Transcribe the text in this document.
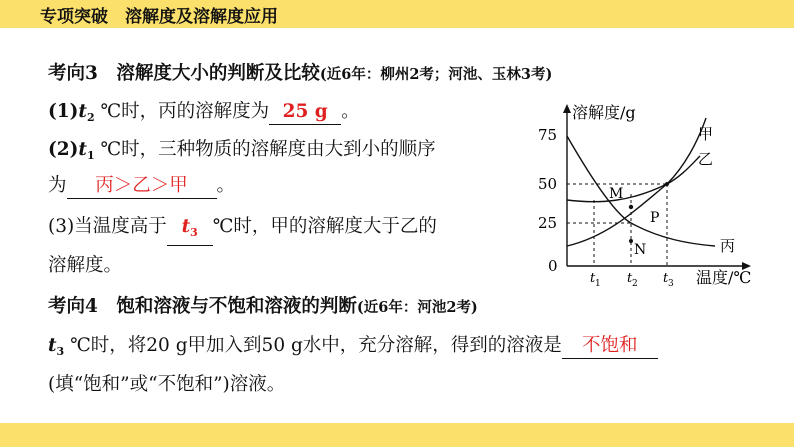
专项突破　溶解度及溶解度应用
考向3　溶解度大小的判断及比较(近6年：柳州2考；河池、玉林3考)
$(1)t_2$ ℃时，丙的溶解度为 25 g 。
$(2)t_1$ ℃时，三种物质的溶解度由大到小的顺序
为 丙＞乙＞甲 。
(3)当温度高于 $t_3$ ℃时，甲的溶解度大于乙的
溶解度。
考向4　饱和溶液与不饱和溶液的判断(近6年：河池2考)
$t_3$ ℃时，将20 g甲加入到50 g水中，充分溶解，得到的溶液是 不饱和
(填“饱和”或“不饱和”)溶液。
溶解度/g
温度/℃
0
25
50
75
t 1 t 2 t 3
甲
乙
丙
M
N
P
